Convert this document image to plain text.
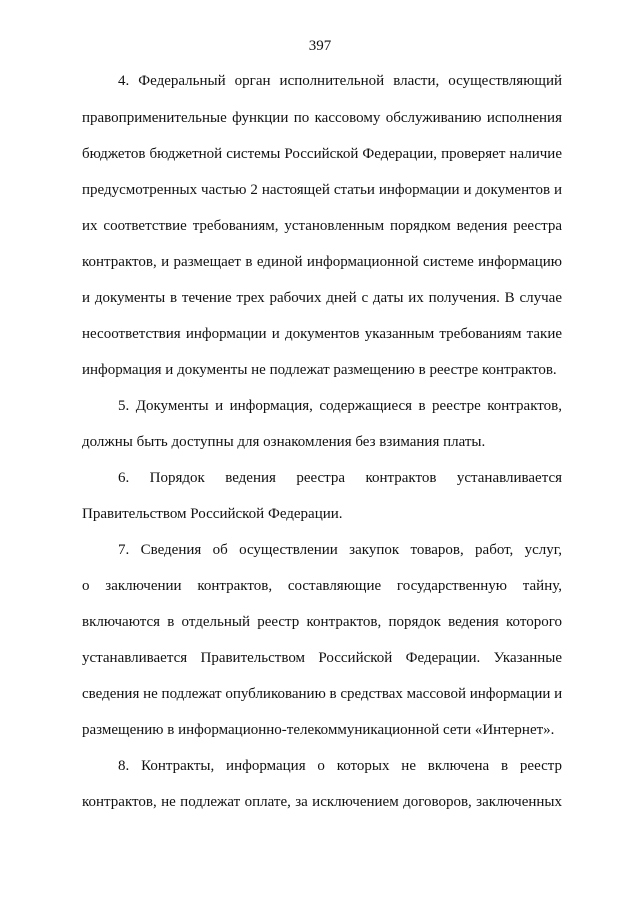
397
4. Федеральный орган исполнительной власти, осуществляющий
правоприменительные функции по кассовому обслуживанию исполнения
бюджетов бюджетной системы Российской Федерации, проверяет наличие
предусмотренных частью 2 настоящей статьи информации и документов и
их соответствие требованиям, установленным порядком ведения реестра
контрактов, и размещает в единой информационной системе информацию
и документы в течение трех рабочих дней с даты их получения. В случае
несоответствия информации и документов указанным требованиям такие
информация и документы не подлежат размещению в реестре контрактов.
5. Документы и информация, содержащиеся в реестре контрактов,
должны быть доступны для ознакомления без взимания платы.
6. Порядок ведения реестра контрактов устанавливается
Правительством Российской Федерации.
7. Сведения об осуществлении закупок товаров, работ, услуг,
о заключении контрактов, составляющие государственную тайну,
включаются в отдельный реестр контрактов, порядок ведения которого
устанавливается Правительством Российской Федерации. Указанные
сведения не подлежат опубликованию в средствах массовой информации и
размещению в информационно-телекоммуникационной сети «Интернет».
8. Контракты, информация о которых не включена в реестр
контрактов, не подлежат оплате, за исключением договоров, заключенных
